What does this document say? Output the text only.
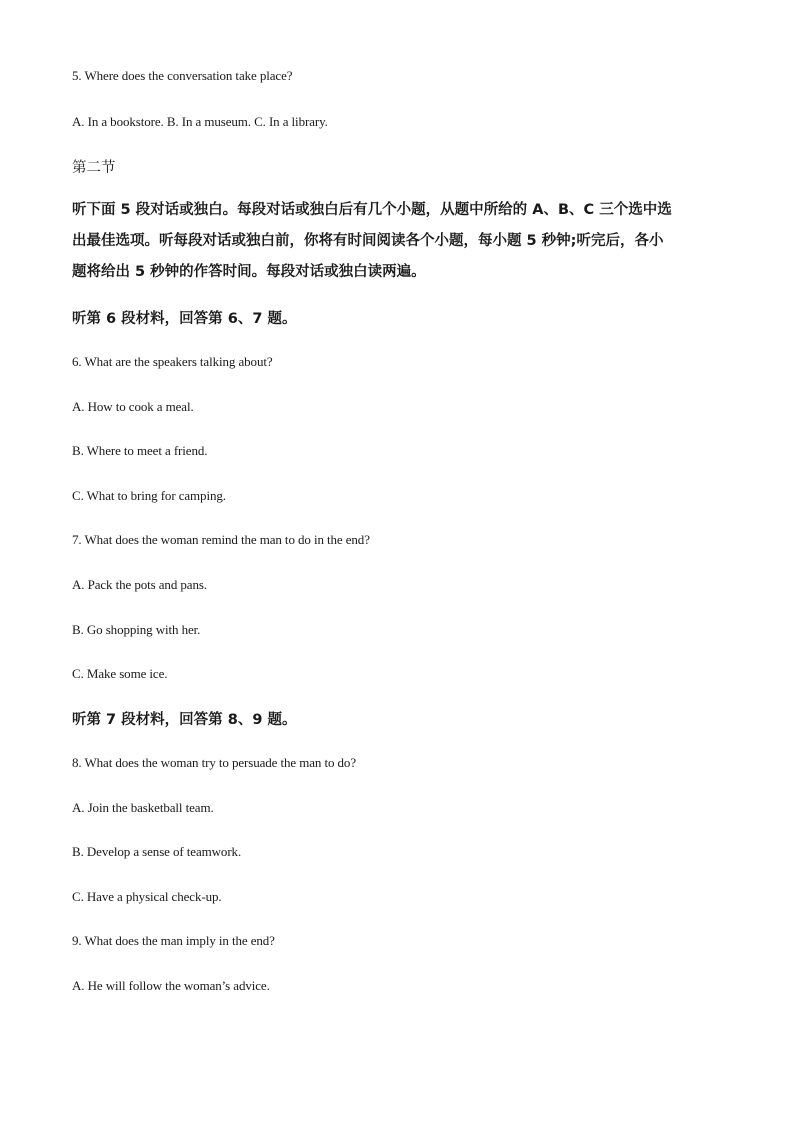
5. Where does the conversation take place?

A. In a bookstore. B. In a museum. C. In a library.

第二节

听下面 5 段对话或独白。每段对话或独白后有几个小题，从题中所给的 A、B、C 三个选中选
出最佳选项。听每段对话或独白前，你将有时间阅读各个小题，每小题 5 秒钟;听完后，各小
题将给出 5 秒钟的作答时间。每段对话或独白读两遍。

听第 6 段材料，回答第 6、7 题。

6. What are the speakers talking about?

A. How to cook a meal.

B. Where to meet a friend.

C. What to bring for camping.

7. What does the woman remind the man to do in the end?

A. Pack the pots and pans.

B. Go shopping with her.

C. Make some ice.

听第 7 段材料，回答第 8、9 题。

8. What does the woman try to persuade the man to do?

A. Join the basketball team.

B. Develop a sense of teamwork.

C. Have a physical check-up.

9. What does the man imply in the end?

A. He will follow the woman’s advice.
